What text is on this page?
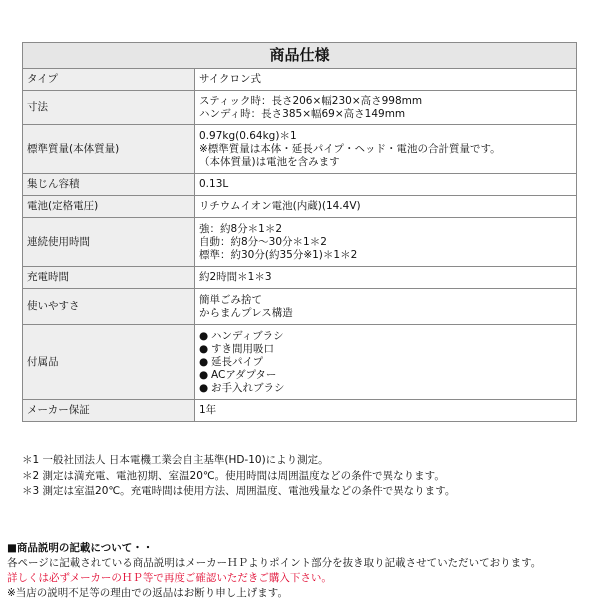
商品仕様	
タイプ	サイクロン式

寸法	スティック時：長さ206×幅230×高さ998mm
ハンディ時：長さ385×幅69×高さ149mm

標準質量(本体質量)	0.97kg(0.64kg)＊1
※標準質量は本体・延長パイプ・ヘッド・電池の合計質量です。
（本体質量)は電池を含みます

集じん容積	0.13L

電池(定格電圧)	リチウムイオン電池(内蔵)(14.4V)

連続使用時間	強：約8分＊1＊2
自動：約8分〜30分＊1＊2
標準：約30分(約35分※1)＊1＊2

充電時間	約2時間＊1＊3

使いやすさ	簡単ごみ捨て
からまんプレス構造

付属品	● ハンディブラシ
● すき間用吸口
● 延長パイプ
● ACアダプター
● お手入れブラシ

メーカー保証	1年
＊1 一般社団法人 日本電機工業会自主基準(HD-10)により測定。
＊2 測定は満充電、電池初期、室温20℃。使用時間は周囲温度などの条件で異なります。
＊3 測定は室温20℃。充電時間は使用方法、周囲温度、電池残量などの条件で異なります。
■商品説明の記載について・・
各ページに記載されている商品説明はメーカーＨＰよりポイント部分を抜き取り記載させていただいております。
詳しくは必ずメーカーのＨＰ等で再度ご確認いただきご購入下さい。
※当店の説明不足等の理由での返品はお断り申し上げます。
